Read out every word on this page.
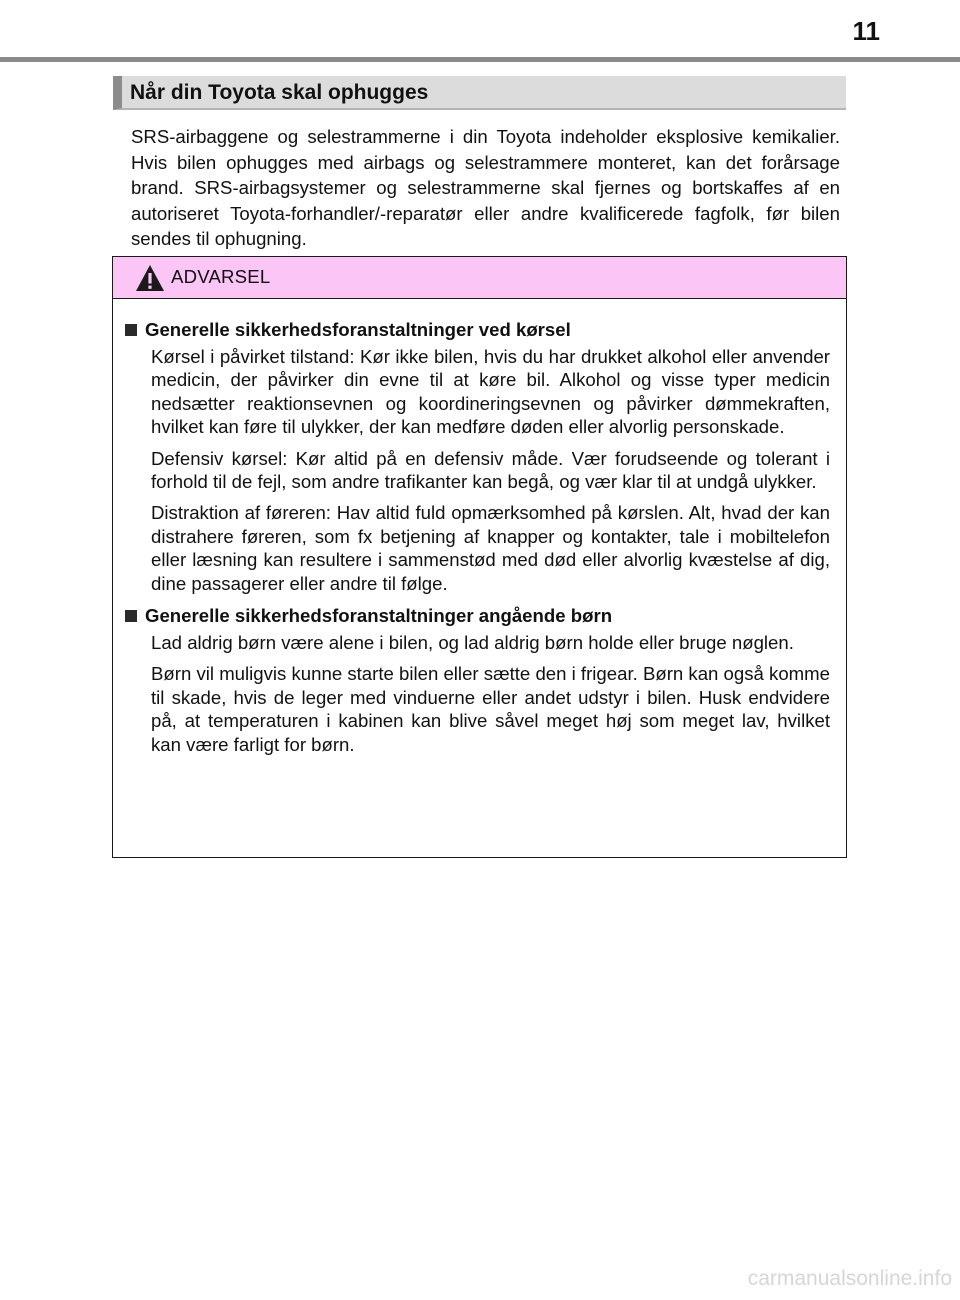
11
Når din Toyota skal ophugges

SRS-airbaggene og selestrammerne i din Toyota indeholder eksplosive kemikalier. Hvis bilen ophugges med airbags og selestrammere monteret, kan det forårsage brand. SRS-airbagsystemer og selestrammerne skal fjernes og bortskaffes af en autoriseret Toyota-forhandler/-reparatør eller andre kvalificerede fagfolk, før bilen sendes til ophugning.

ADVARSEL
Generelle sikkerhedsforanstaltninger ved kørsel

Kørsel i påvirket tilstand: Kør ikke bilen, hvis du har drukket alkohol eller anvender medicin, der påvirker din evne til at køre bil. Alkohol og visse typer medicin nedsætter reaktionsevnen og koordineringsevnen og påvirker dømmekraften, hvilket kan føre til ulykker, der kan medføre døden eller alvorlig personskade.

Defensiv kørsel: Kør altid på en defensiv måde. Vær forudseende og tolerant i forhold til de fejl, som andre trafikanter kan begå, og vær klar til at undgå ulykker.

Distraktion af føreren: Hav altid fuld opmærksomhed på kørslen. Alt, hvad der kan distrahere føreren, som fx betjening af knapper og kontakter, tale i mobiltelefon eller læsning kan resultere i sammenstød med død eller alvorlig kvæstelse af dig, dine passagerer eller andre til følge.

Generelle sikkerhedsforanstaltninger angående børn

Lad aldrig børn være alene i bilen, og lad aldrig børn holde eller bruge nøglen.

Børn vil muligvis kunne starte bilen eller sætte den i frigear. Børn kan også komme til skade, hvis de leger med vinduerne eller andet udstyr i bilen. Husk endvidere på, at temperaturen i kabinen kan blive såvel meget høj som meget lav, hvilket kan være farligt for børn.

carmanualsonline.info
